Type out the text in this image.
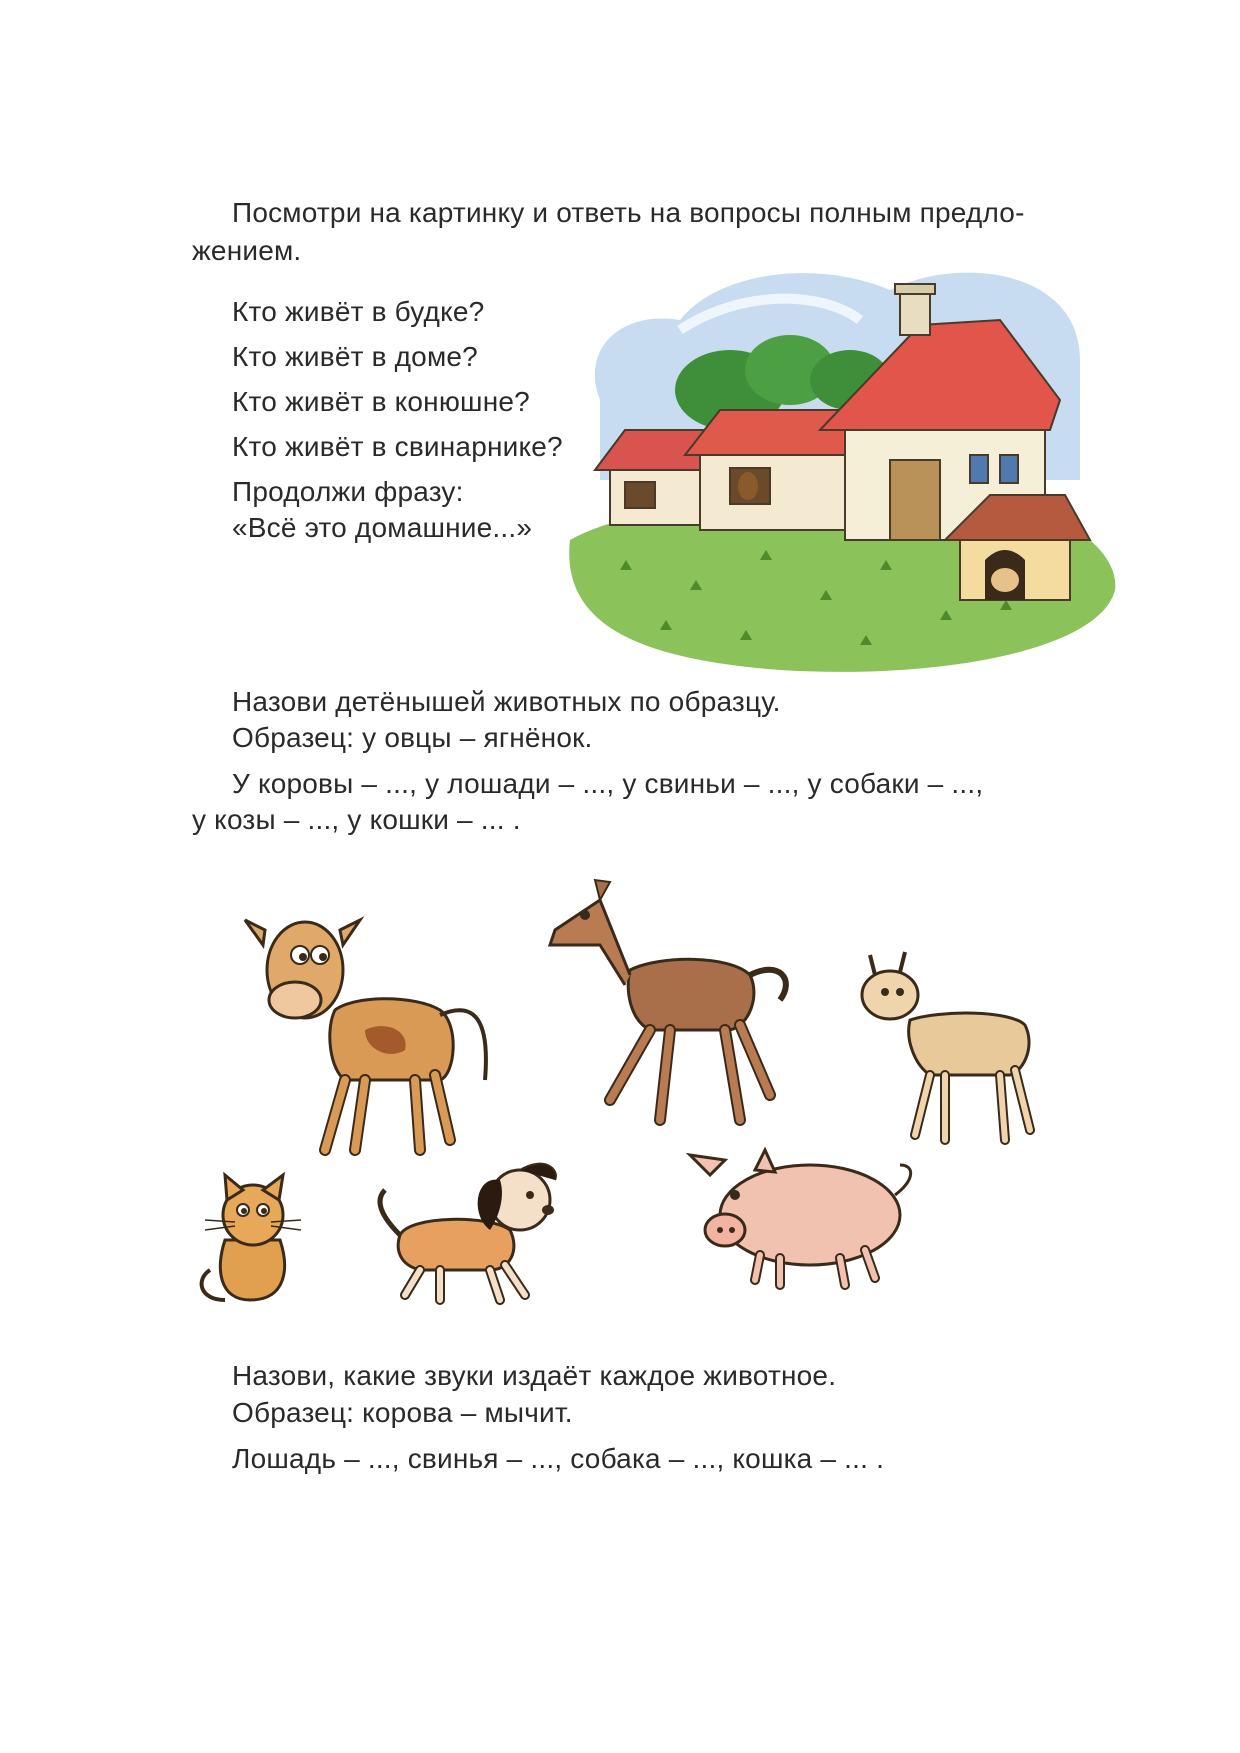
Посмотри на картинку и ответь на вопросы полным предло-
жением.
Кто живёт в будке?
Кто живёт в доме?
Кто живёт в конюшне?
Кто живёт в свинарнике?
Продолжи фразу:
«Всё это домашние...»
Назови детёнышей животных по образцу.
Образец: у овцы – ягнёнок.
У коровы – ..., у лошади – ..., у свиньи – ..., у собаки – ...,
у козы – ..., у кошки – ... .
Назови, какие звуки издаёт каждое животное.
Образец: корова – мычит.
Лошадь – ..., свинья – ..., собака – ..., кошка – ... .
